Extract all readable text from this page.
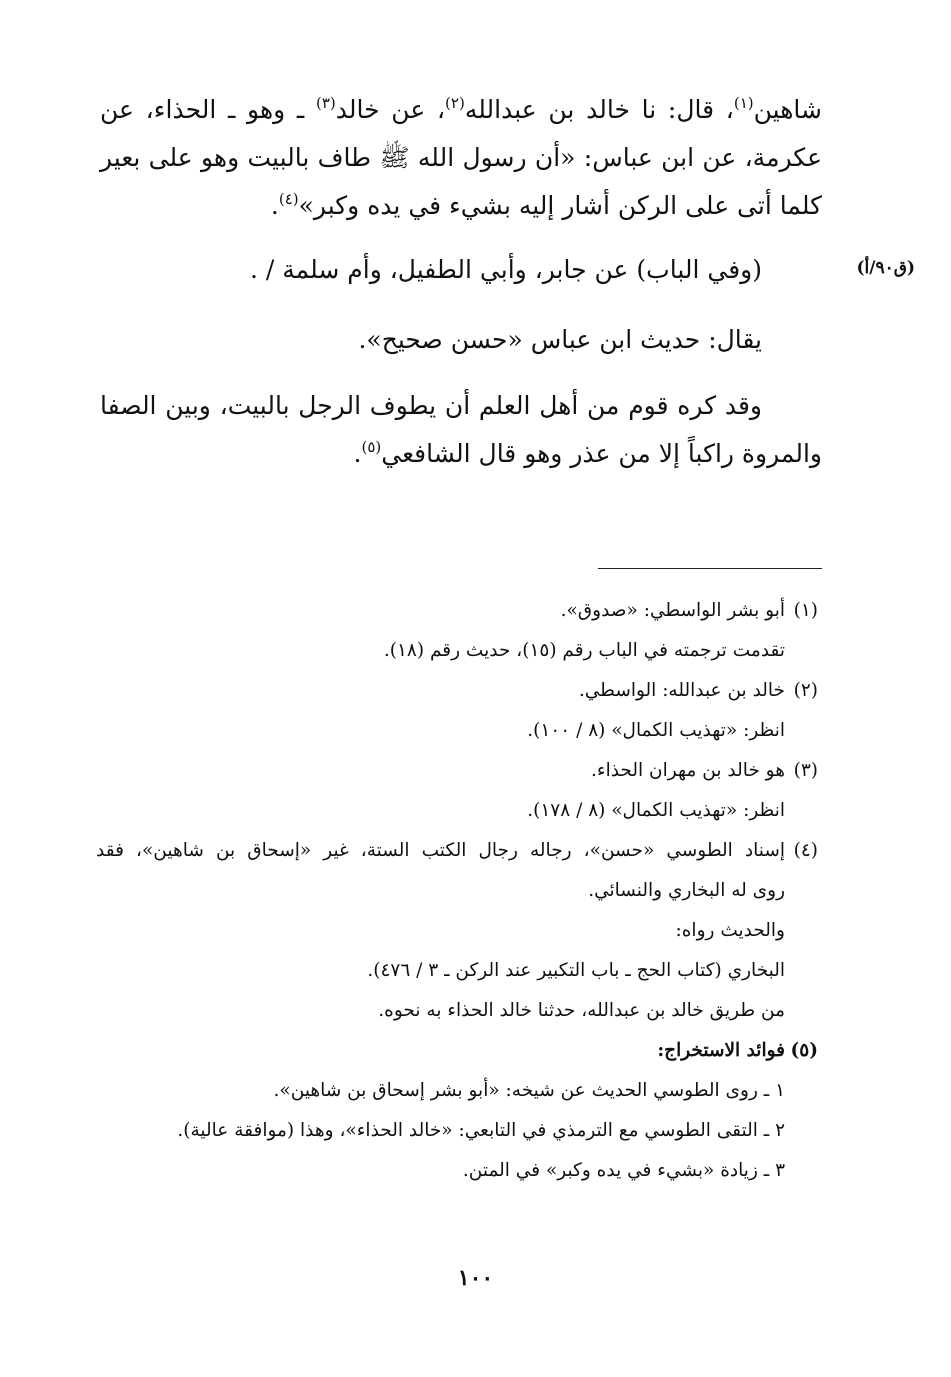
شاهين$^{(١)}$، قال: نا خالد بن عبدالله$^{(٢)}$، عن خالد$^{(٣)}$ ـ وهو ـ الحذاء، عن عكرمة، عن ابن عباس: «أن رسول الله ﷺ طاف بالبيت وهو على بعير كلما أتى على الركن أشار إليه بشيء في يده وكبر»$^{(٤)}$.

(ق٩٠/أ)

(وفي الباب) عن جابر، وأبي الطفيل، وأم سلمة / .

يقال: حديث ابن عباس «حسن صحيح».

وقد كره قوم من أهل العلم أن يطوف الرجل بالبيت، وبين الصفا والمروة راكباً إلا من عذر وهو قال الشافعي$^{(٥)}$.

(١)أبو بشر الواسطي: «صدوق».
تقدمت ترجمته في الباب رقم (١٥)، حديث رقم (١٨).
(٢)خالد بن عبدالله: الواسطي.
انظر: «تهذيب الكمال» (٨ / ١٠٠).
(٣)هو خالد بن مهران الحذاء.
انظر: «تهذيب الكمال» (٨ / ١٧٨).
(٤)إسناد الطوسي «حسن»، رجاله رجال الكتب الستة، غير «إسحاق بن شاهين»، فقد
روى له البخاري والنسائي.
والحديث رواه:
البخاري (كتاب الحج ـ باب التكبير عند الركن ـ ٣ / ٤٧٦).
من طريق خالد بن عبدالله، حدثنا خالد الحذاء به نحوه.
(٥)فوائد الاستخراج:
١ ـ روى الطوسي الحديث عن شيخه: «أبو بشر إسحاق بن شاهين».
٢ ـ التقى الطوسي مع الترمذي في التابعي: «خالد الحذاء»، وهذا (موافقة عالية).
٣ ـ زيادة «بشيء في يده وكبر» في المتن.
١٠٠
